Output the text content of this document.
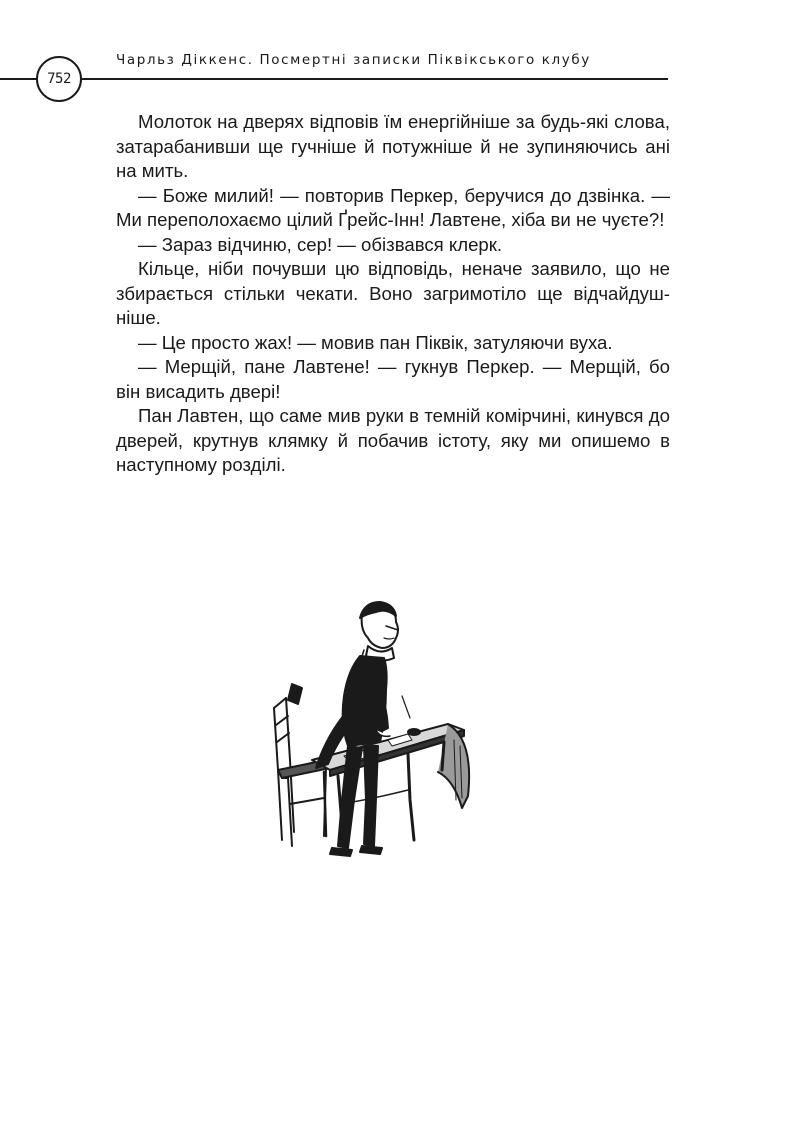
752
Чарльз Діккенс. Посмертні записки Піквікського клубу

Молоток на дверях відповів їм енергійніше за будь-які слова, затарабанивши ще гучніше й потужніше й не зупиняючись ані на мить.

— Боже милий! — повторив Перкер, беручися до дзвінка. — Ми переполохаємо цілий Ґрейс-Інн! Лавтене, хіба ви не чуєте?!

— Зараз відчиню, сер! — обізвався клерк.

Кільце, ніби почувши цю відповідь, неначе заявило, що не збирається стільки чекати. Воно загримотіло ще відчайдушніше.

— Це просто жах! — мовив пан Піквік, затуляючи вуха.

— Мерщій, пане Лавтене! — гукнув Перкер. — Мерщій, бо він висадить двері!

Пан Лавтен, що саме мив руки в темній комірчині, кинувся до дверей, крутнув клямку й побачив істоту, яку ми опишемо в наступному розділі.
